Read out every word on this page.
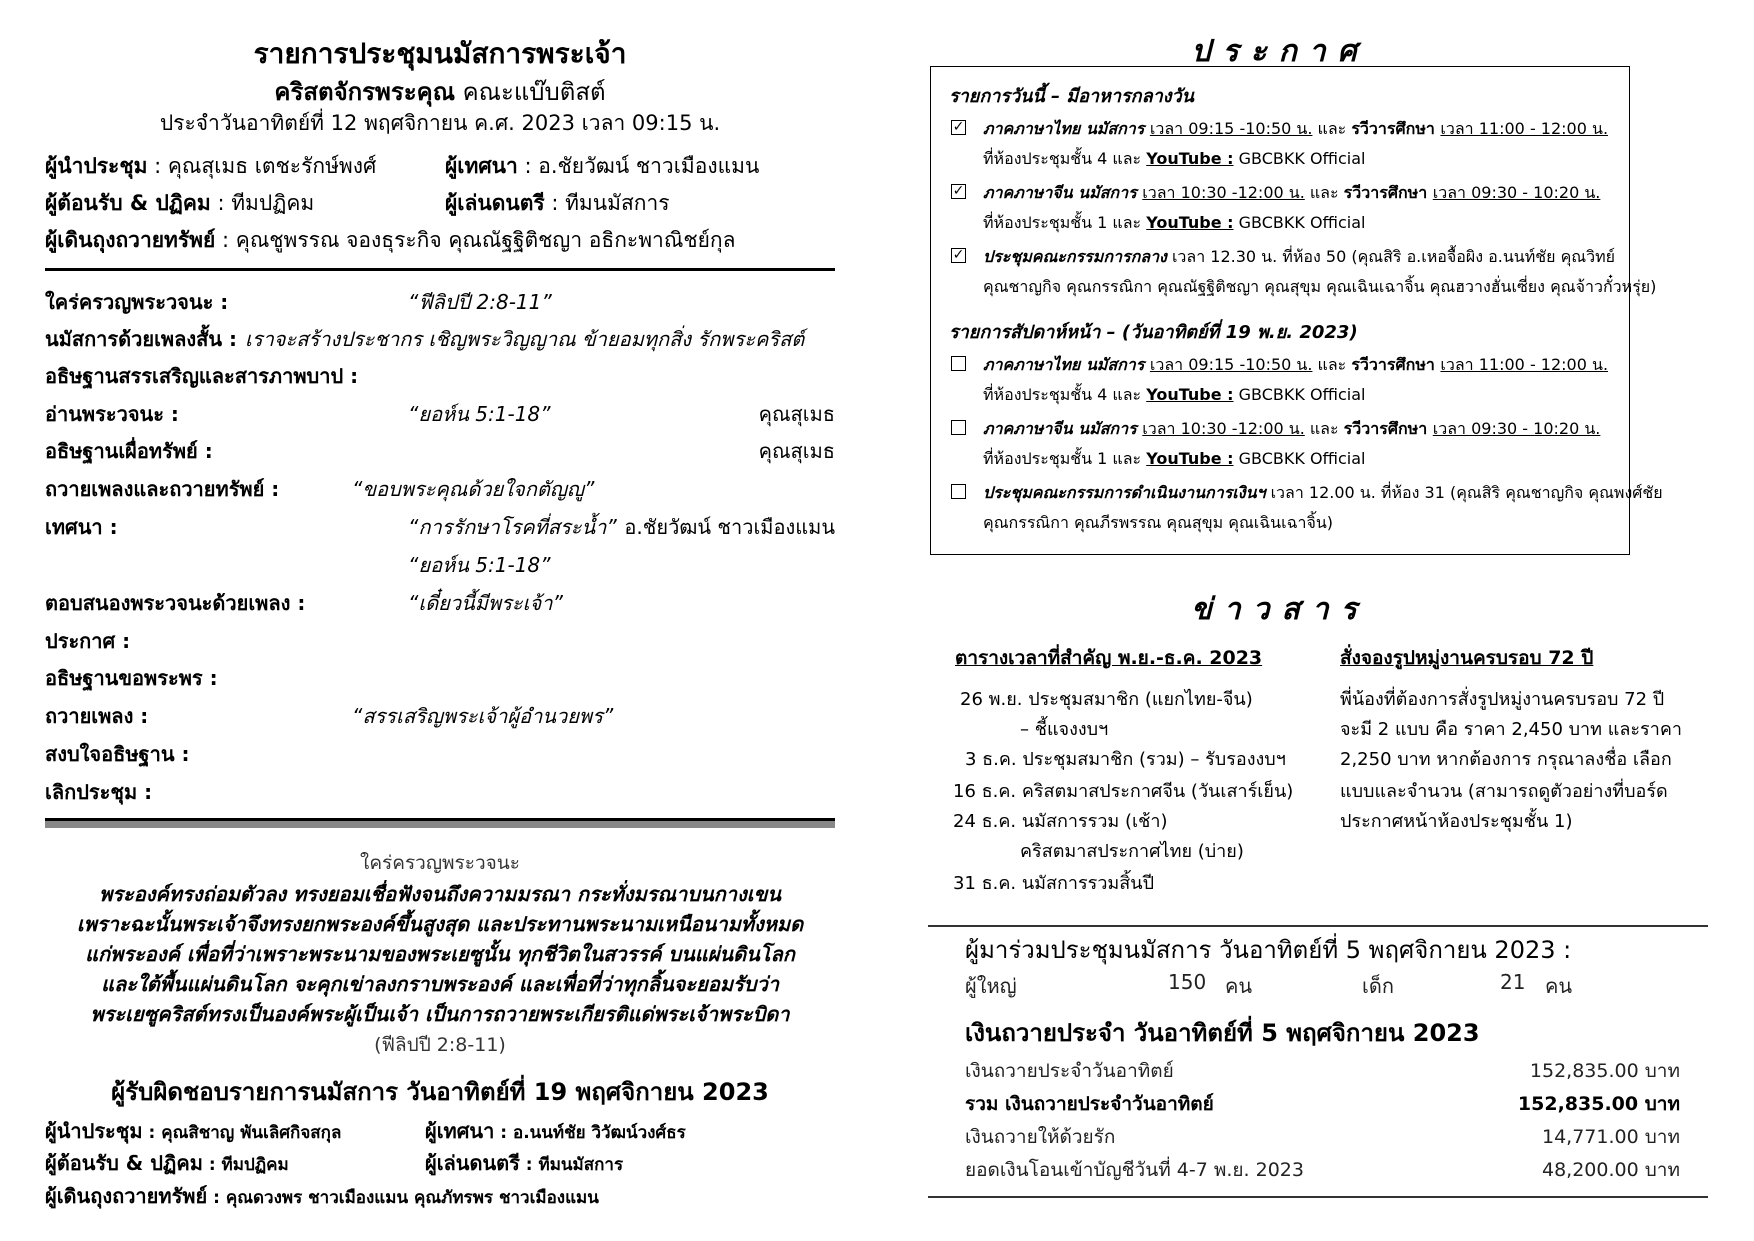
รายการประชุมนมัสการพระเจ้า
คริสตจักรพระคุณ คณะแบ๊บติสต์
ประจำวันอาทิตย์ที่ 12 พฤศจิกายน ค.ศ. 2023 เวลา 09:15 น.
ผู้นำประชุม : คุณสุเมธ เตชะรักษ์พงศ์	ผู้เทศนา : อ.ชัยวัฒน์ ชาวเมืองแมน
ผู้ต้อนรับ & ปฏิคม : ทีมปฏิคม	ผู้เล่นดนตรี : ทีมนมัสการ
ผู้เดินถุงถวายทรัพย์ : คุณชูพรรณ จองธุระกิจ คุณณัฐฐิติชญา อธิกะพาณิชย์กุล
ใคร่ครวญพระวจนะ :	“ฟีลิปปี 2:8-11”
นมัสการด้วยเพลงสั้น : เราจะสร้างประชากร เชิญพระวิญญาณ ข้ายอมทุกสิ่ง รักพระคริสต์
อธิษฐานสรรเสริญและสารภาพบาป :
อ่านพระวจนะ :	“ยอห์น 5:1-18”	คุณสุเมธ
อธิษฐานเผื่อทรัพย์ :	คุณสุเมธ
ถวายเพลงและถวายทรัพย์ :	“ขอบพระคุณด้วยใจกตัญญู”
เทศนา :	“การรักษาโรคที่สระน้ำ” อ.ชัยวัฒน์ ชาวเมืองแมน
“ยอห์น 5:1-18”
ตอบสนองพระวจนะด้วยเพลง :	“เดี๋ยวนี้มีพระเจ้า”
ประกาศ :
อธิษฐานขอพระพร :
ถวายเพลง :	“สรรเสริญพระเจ้าผู้อำนวยพร”
สงบใจอธิษฐาน :
เลิกประชุม :
ใคร่ครวญพระวจนะ
พระองค์ทรงถ่อมตัวลง ทรงยอมเชื่อฟังจนถึงความมรณา กระทั่งมรณาบนกางเขน
เพราะฉะนั้นพระเจ้าจึงทรงยกพระองค์ขึ้นสูงสุด และประทานพระนามเหนือนามทั้งหมด
แก่พระองค์ เพื่อที่ว่าเพราะพระนามของพระเยซูนั้น ทุกชีวิตในสวรรค์ บนแผ่นดินโลก
และใต้พื้นแผ่นดินโลก จะคุกเข่าลงกราบพระองค์ และเพื่อที่ว่าทุกลิ้นจะยอมรับว่า
พระเยซูคริสต์ทรงเป็นองค์พระผู้เป็นเจ้า เป็นการถวายพระเกียรติแด่พระเจ้าพระบิดา
(ฟีลิปปี 2:8-11)
ผู้รับผิดชอบรายการนมัสการ วันอาทิตย์ที่ 19 พฤศจิกายน 2023
ผู้นำประชุม : คุณสิชาญ พันเลิศกิจสกุล	ผู้เทศนา : อ.นนท์ชัย วิวัฒน์วงศ์ธร
ผู้ต้อนรับ & ปฏิคม : ทีมปฏิคม	ผู้เล่นดนตรี : ทีมนมัสการ
ผู้เดินถุงถวายทรัพย์ : คุณดวงพร ชาวเมืองแมน คุณภัทรพร ชาวเมืองแมน
ประกาศ
รายการวันนี้ – มีอาหารกลางวัน
✓ ภาคภาษาไทย นมัสการ เวลา 09:15 -10:50 น. และ รวีวารศึกษา เวลา 11:00 - 12:00 น.
ที่ห้องประชุมชั้น 4 และ YouTube : GBCBKK Official
✓ ภาคภาษาจีน นมัสการ เวลา 10:30 -12:00 น. และ รวีวารศึกษา เวลา 09:30 - 10:20 น.
ที่ห้องประชุมชั้น 1 และ YouTube : GBCBKK Official
✓ ประชุมคณะกรรมการกลาง เวลา 12.30 น. ที่ห้อง 50 (คุณสิริ อ.เหอจื้อผิง อ.นนท์ชัย คุณวิทย์
คุณชาญกิจ คุณกรรณิกา คุณณัฐฐิติชญา คุณสุขุม คุณเฉินเฉาจิ้น คุณฮวางฮั่นเซี่ยง คุณจ้าวกั๋วหรุ่ย)
รายการสัปดาห์หน้า – (วันอาทิตย์ที่ 19 พ.ย. 2023)
ภาคภาษาไทย นมัสการ เวลา 09:15 -10:50 น. และ รวีวารศึกษา เวลา 11:00 - 12:00 น.
ที่ห้องประชุมชั้น 4 และ YouTube : GBCBKK Official
ภาคภาษาจีน นมัสการ เวลา 10:30 -12:00 น. และ รวีวารศึกษา เวลา 09:30 - 10:20 น.
ที่ห้องประชุมชั้น 1 และ YouTube : GBCBKK Official
ประชุมคณะกรรมการดำเนินงานการเงินฯ เวลา 12.00 น. ที่ห้อง 31 (คุณสิริ คุณชาญกิจ คุณพงศ์ชัย
คุณกรรณิกา คุณภีรพรรณ คุณสุขุม คุณเฉินเฉาจิ้น)
ข่าวสาร
ตารางเวลาที่สำคัญ พ.ย.-ธ.ค. 2023
26 พ.ย. ประชุมสมาชิก (แยกไทย-จีน)
– ชี้แจงงบฯ
3 ธ.ค. ประชุมสมาชิก (รวม) – รับรองงบฯ
16 ธ.ค. คริสตมาสประกาศจีน (วันเสาร์เย็น)
24 ธ.ค. นมัสการรวม (เช้า)
คริสตมาสประกาศไทย (บ่าย)
31 ธ.ค. นมัสการรวมสิ้นปี
สั่งจองรูปหมู่งานครบรอบ 72 ปี
พี่น้องที่ต้องการสั่งรูปหมู่งานครบรอบ 72 ปี
จะมี 2 แบบ คือ ราคา 2,450 บาท และราคา
2,250 บาท หากต้องการ กรุณาลงชื่อ เลือก
แบบและจำนวน (สามารถดูตัวอย่างที่บอร์ด
ประกาศหน้าห้องประชุมชั้น 1)
ผู้มาร่วมประชุมนมัสการ วันอาทิตย์ที่ 5 พฤศจิกายน 2023 :
ผู้ใหญ่	150 คน	เด็ก	21 คน
เงินถวายประจำ วันอาทิตย์ที่ 5 พฤศจิกายน 2023
เงินถวายประจำวันอาทิตย์	152,835.00 บาท
รวม เงินถวายประจำวันอาทิตย์	152,835.00 บาท
เงินถวายให้ด้วยรัก	14,771.00 บาท
ยอดเงินโอนเข้าบัญชีวันที่ 4-7 พ.ย. 2023	48,200.00 บาท
